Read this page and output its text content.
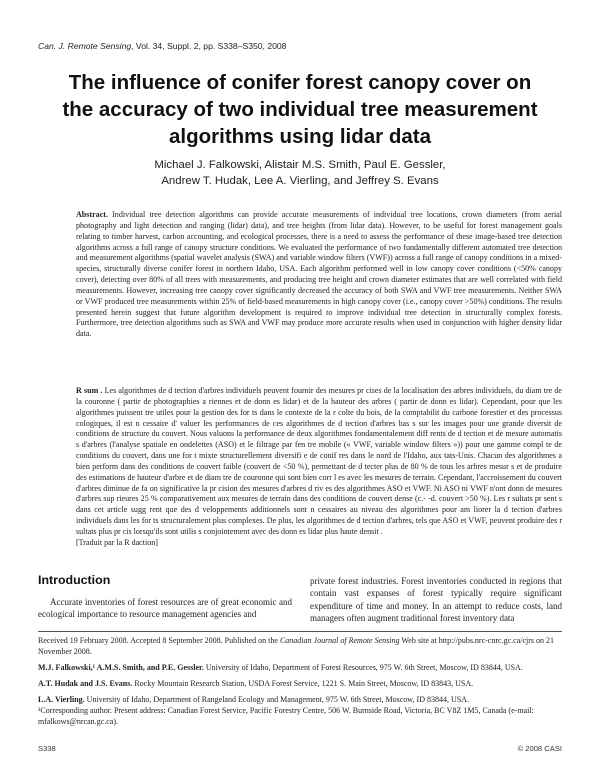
Can. J. Remote Sensing, Vol. 34, Suppl. 2, pp. S338–S350, 2008
The influence of conifer forest canopy cover on
the accuracy of two individual tree measurement
algorithms using lidar data
Michael J. Falkowski, Alistair M.S. Smith, Paul E. Gessler,
Andrew T. Hudak, Lee A. Vierling, and Jeffrey S. Evans

Abstract. Individual tree detection algorithms can provide accurate measurements of individual tree locations, crown diameters (from aerial photography and light detection and ranging (lidar) data), and tree heights (from lidar data). However, to be useful for forest management goals relating to timber harvest, carbon accounting, and ecological processes, there is a need to assess the performance of these image-based tree detection algorithms across a full range of canopy structure conditions. We evaluated the performance of two fundamentally different automated tree detection and measurement algorithms (spatial wavelet analysis (SWA) and variable window filters (VWF)) across a full range of canopy conditions in a mixed-species, structurally diverse conifer forest in northern Idaho, USA. Each algorithm performed well in low canopy cover conditions (<50% canopy cover), detecting over 80% of all trees with measurements, and producing tree height and crown diameter estimates that are well correlated with field measurements. However, increasing tree canopy cover significantly decreased the accuracy of both SWA and VWF tree measurements. Neither SWA or VWF produced tree measurements within 25% of field-based measurements in high canopy cover (i.e., canopy cover >50%) conditions. The results presented herein suggest that future algorithm development is required to improve individual tree detection in structurally complex forests. Furthermore, tree detection algorithms such as SWA and VWF may produce more accurate results when used in conjunction with higher density lidar data.

R sum . Les algorithmes de d tection d'arbres individuels peuvent fournir des mesures pr cises de la localisation des arbres individuels, du diam tre de la couronne ( partir de photographies a riennes et de donn es lidar) et de la hauteur des arbres ( partir de donn es lidar). Cependant, pour que les algorithmes puissent tre utiles pour la gestion des for ts dans le contexte de la r colte du bois, de la comptabilit du carbone forestier et des processus cologiques, il est n cessaire d' valuer les performances de ces algorithmes de d tection d'arbres bas s sur les images pour une grande diversit de conditions de structure du couvert. Nous valuons la performance de deux algorithmes fondamentalement diff rents de d tection et de mesure automatis s d'arbres (l'analyse spatiale en ondelettes (ASO) et le filtrage par fen tre mobile (« VWF, variable window filters »)) pour une gamme compl te de conditions du couvert, dans une for t mixte structurellement diversifi e de conif res dans le nord de l'Idaho, aux tats-Unis. Chacun des algorithmes a bien perform dans des conditions de couvert faible (couvert de <50 %), permettant de d tecter plus de 80 % de tous les arbres mesur s et de produire des estimations de hauteur d'arbre et de diam tre de couronne qui sont bien corr l es avec les mesures de terrain. Cependant, l'accroissement du couvert d'arbres diminue de fa on significative la pr cision des mesures d'arbres d riv es des algorithmes ASO et VWF. Ni ASO ni VWF n'ont donn de mesures d'arbres sup rieures 25 % comparativement aux mesures de terrain dans des conditions de couvert dense (c.- -d. couvert >50 %). Les r sultats pr sent s dans cet article sugg rent que des d veloppements additionnels sont n cessaires au niveau des algorithmes pour am liorer la d tection d'arbres individuels dans les for ts structuralement plus complexes. De plus, les algorithmes de d tection d'arbres, tels que ASO et VWF, peuvent produire des r sultats plus pr cis lorsqu'ils sont utilis s conjointement avec des donn es lidar plus haute densit .
[Traduit par la R daction]

Introduction

Accurate inventories of forest resources are of great economic and ecological importance to resource management agencies and

private forest industries. Forest inventories conducted in regions that contain vast expanses of forest typically require significant expenditure of time and money. In an attempt to reduce costs, land managers often augment traditional forest inventory data

Received 19 February 2008. Accepted 8 September 2008. Published on the Canadian Journal of Remote Sensing Web site at http://pubs.nrc-cnrc.gc.ca/cjrs on 21 November 2008.

M.J. Falkowski,¹ A.M.S. Smith, and P.E. Gessler. University of Idaho, Department of Forest Resources, 975 W. 6th Street, Moscow, ID 83844, USA.

A.T. Hudak and J.S. Evans. Rocky Mountain Research Station, USDA Forest Service, 1221 S. Main Street, Moscow, ID 83843, USA.

L.A. Vierling. University of Idaho, Department of Rangeland Ecology and Management, 975 W. 6th Street, Moscow, ID 83844, USA.
¹Corresponding author. Present address: Canadian Forest Service, Pacific Forestry Centre, 506 W. Burnside Road, Victoria, BC V8Z 1M5, Canada (e-mail: mfalkows@nrcan.gc.ca).

S338	© 2008 CASI
